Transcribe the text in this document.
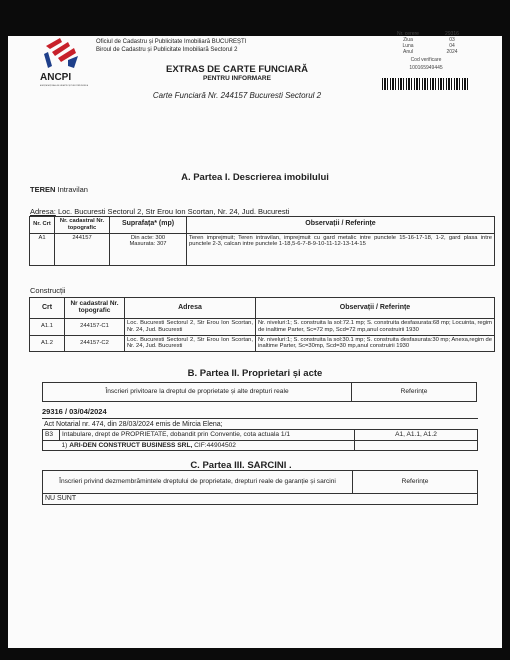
ANCPI
AGENȚIA NAȚIONALĂ DE CADASTRU ȘI PUBLICITATE IMOBILIARĂ
Oficiul de Cadastru și Publicitate Imobiliară BUCUREȘTI
Biroul de Cadastru și Publicitate Imobiliară Sectorul 2
Nr. cerere	29316
Ziua	03
Luna	04
Anul	2024
Cod verificare
100165949445
EXTRAS DE CARTE FUNCIARĂ
PENTRU INFORMARE
Carte Funciară Nr. 244157 Bucuresti Sectorul 2
A. Partea I. Descrierea imobilului
TEREN Intravilan
Adresa: Loc. Bucuresti Sectorul 2, Str Erou Ion Scortan, Nr. 24, Jud. Bucuresti
Nr. Crt	Nr. cadastral Nr. topografic	Suprafața* (mp)	Observații / Referințe
A1	244157	Din acte: 300
Masurata: 307	Teren imprejmuit; Teren intravilan, imprejmuit cu gard metalic intre punctele 15-16-17-18, 1-2, gard plasa intre punctele 2-3, calcan intre punctele 1-18,5-6-7-8-9-10-11-12-13-14-15
Construcții
Crt	Nr cadastral Nr. topografic	Adresa	Observații / Referințe
A1.1	244157-C1	Loc. Bucuresti Sectorul 2, Str Erou Ion Scortan, Nr. 24, Jud. Bucuresti	Nr. niveluri:1; S. construita la sol:72.1 mp; S. construita desfasurata:68 mp; Locuinta, regim de inaltime Parter, Sc=72 mp, Scd=72 mp,anul construirii 1930
A1.2	244157-C2	Loc. Bucuresti Sectorul 2, Str Erou Ion Scortan, Nr. 24, Jud. Bucuresti	Nr. niveluri:1; S. construita la sol:30.1 mp; S. construita desfasurata:30 mp; Anexa,regim de inaltime Parter, Sc=30mp, Scd=30 mp,anul construirii 1930
B. Partea II. Proprietari și acte
Înscrieri privitoare la dreptul de proprietate și alte drepturi reale	Referințe
29316 / 03/04/2024
Act Notarial nr. 474, din 28/03/2024 emis de Mircia Elena;
B3	Intabulare, drept de PROPRIETATE, dobandit prin Conventie, cota actuala 1/1	A1, A1.1, A1.2
	1) ARI-DEN CONSTRUCT BUSINESS SRL, CIF:44904502	
C. Partea III. SARCINI .
Înscrieri privind dezmembrămintele dreptului de proprietate, drepturi reale de garanție și sarcini	Referințe
NU SUNT
